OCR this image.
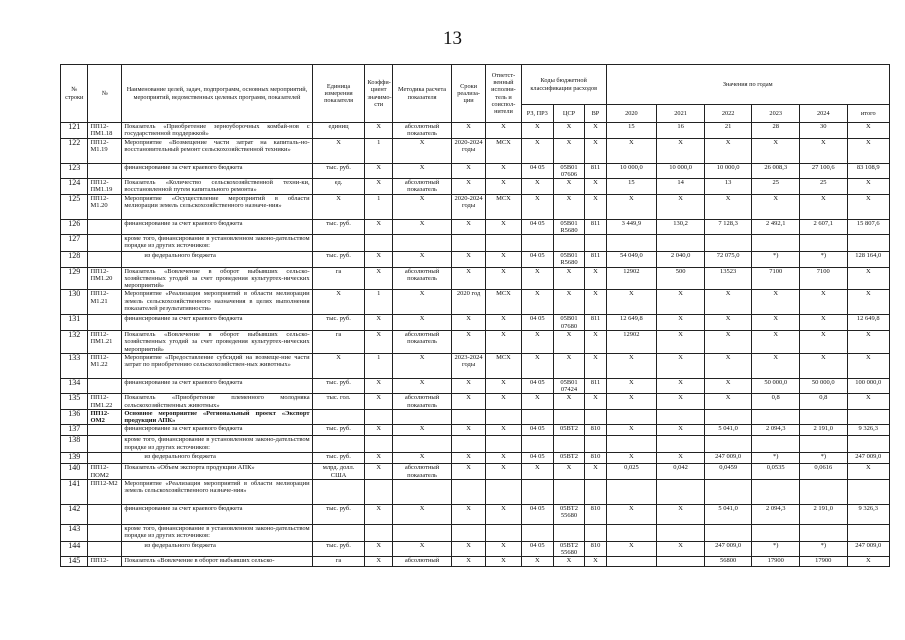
13
№
строки	№	Наименование целей, задач, подпрограмм, основных мероприятий, мероприятий, ведомственных целевых программ, показателей	Единица измерения показателя	Коэффи-циент значимо-сти	Методика расчета показателя	Сроки реализа-ции	Ответст-венный исполни-тель и соиспол-нители	Коды бюджетной классификации расходов			Значения по годам					
								РЗ, ПР3	ЦСР	ВР	2020	2021	2022	2023	2024	итого
121	ПП12-ПМ1.18	Показатель «Приобретение зерноуборочных комбай-нов с государственной поддержкой»	единиц	X	абсолютный показатель	X	X	X	X	X	15	16	21	28	30	X
122	ПП12-М1.19	Мероприятие «Возмещение части затрат на капиталь-но-восстановительный ремонт сельскохозяйственной техники»	X	1	X	2020-2024 годы	МСХ	X	X	X	X	X	X	X	X	X
123		финансирование за счет краевого бюджета	тыс. руб.	X	X	X	X	04 05	05В01 07606	811	10 000,0	10 000,0	10 000,0	26 008,3	27 100,6	83 108,9
124	ПП12-ПМ1.19	Показатель «Количество сельскохозяйственной техни-ки, восстановленной путем капитального ремонта»	ед.	X	абсолютный показатель	X	X	X	X	X	15	14	13	25	25	X
125	ПП12-М1.20	Мероприятие «Осуществление мероприятий в области мелиорации земель сельскохозяйственного назначе-ния»	X	1	X	2020-2024 годы	МСХ	X	X	X	X	X	X	X	X	X
126		финансирование за счет краевого бюджета	тыс. руб.	X	X	X	X	04 05	05В01 R5680	811	3 449,9	130,2	7 128,3	2 492,1	2 607,1	15 807,6
127		кроме того, финансирование в установленном законо-дательством порядке из других источников:														
128		из федерального бюджета	тыс. руб.	X	X	X	X	04 05	05В01 R5680	811	54 049,0	2 040,0	72 075,0	*)	*)	128 164,0
129	ПП12-ПМ1.20	Показатель «Вовлечение в оборот выбывших сельско-хозяйственных угодий за счет проведения культуртех-нических мероприятий»	га	X	абсолютный показатель	X	X	X	X	X	12902	500	13523	7100	7100	X
130	ПП12-М1.21	Мероприятие «Реализация мероприятий в области мелиорации земель сельскохозяйственного назначения в целях выполнения показателей результативности»	X	1	X	2020 год	МСХ	X	X	X	X	X	X	X	X	X
131		финансирование за счет краевого бюджета	тыс. руб.	X	X	X	X	04 05	05В01 07680	811	12 649,8	X	X	X	X	12 649,8
132	ПП12-ПМ1.21	Показатель «Вовлечение в оборот выбывших сельско-хозяйственных угодий за счет проведения культуртех-нических мероприятий»	га	X	абсолютный показатель	X	X	X	X	X	12902	X	X	X	X	X
133	ПП12-М1.22	Мероприятие «Предоставление субсидий на возмеще-ние части затрат по приобретению сельскохозяйствен-ных животных»	X	1	X	2023-2024 годы	МСХ	X	X	X	X	X	X	X	X	X
134		финансирование за счет краевого бюджета	тыс. руб.	X	X	X	X	04 05	05В01 07424	811	X	X	X	50 000,0	50 000,0	100 000,0
135	ПП12-ПМ1.22	Показатель «Приобретение племенного молодняка сельскохозяйственных животных»	тыс. гол.	X	абсолютный показатель	X	X	X	X	X	X	X	X	0,8	0,8	X
136	ПП12-ОМ2	Основное мероприятие «Региональный проект «Экспорт продукции АПК»														
137		финансирование за счет краевого бюджета	тыс. руб.	X	X	X	X	04 05	05ВТ2	810	X	X	5 041,0	2 094,3	2 191,0	9 326,3
138		кроме того, финансирование в установленном законо-дательством порядке из других источников:														
139		из федерального бюджета	тыс. руб.	X	X	X	X	04 05	05ВТ2	810	X	X	247 009,0	*)	*)	247 009,0
140	ПП12-ПОМ2	Показатель «Объем экспорта продукции АПК»	млрд. долл. США	X	абсолютный показатель	X	X	X	X	X	0,025	0,042	0,0459	0,0535	0,0616	X
141	ПП12-М2	Мероприятие «Реализация мероприятий в области мелиорации земель сельскохозяйственного назначе-ния»														
142		финансирование за счет краевого бюджета	тыс. руб.	X	X	X	X	04 05	05ВТ2 55680	810	X	X	5 041,0	2 094,3	2 191,0	9 326,3
143		кроме того, финансирование в установленном законо-дательством порядке из других источников:														
144		из федерального бюджета	тыс. руб.	X	X	X	X	04 05	05ВТ2 55680	810	X	X	247 009,0	*)	*)	247 009,0
145	ПП12-	Показатель «Вовлечение в оборот выбывших сельско-	га	X	абсолютный	X	X	X	X	X			56800	17900	17900	X
